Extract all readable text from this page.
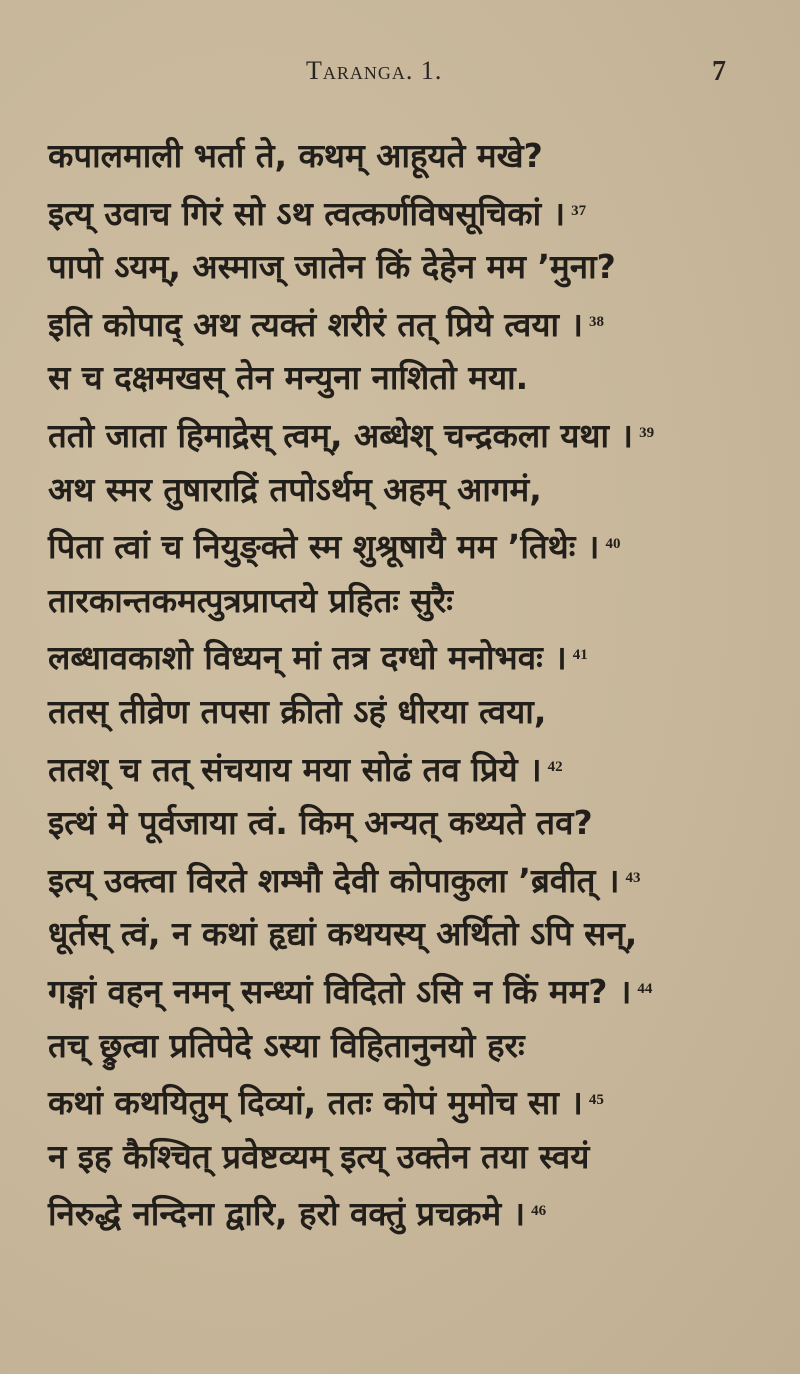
Taranga. 1.	7
कपालमाली भर्ता ते, कथम् आहूयते मखे?
इत्य् उवाच गिरं सो ऽथ त्वत्कर्णविषसूचिकां । $^{37}$
पापो ऽयम्, अस्माज् जातेन किं देहेन मम ’मुना?
इति कोपाद् अथ त्यक्तं शरीरं तत् प्रिये त्वया । $^{38}$
स च दक्षमखस् तेन मन्युना नाशितो मया.
ततो जाता हिमाद्रेस् त्वम्, अब्धेश् चन्द्रकला यथा । $^{39}$
अथ स्मर तुषाराद्रिं तपोऽर्थम् अहम् आगमं,
पिता त्वां च नियुङ्क्ते स्म शुश्रूषायै मम ’तिथेः । $^{40}$
तारकान्तकमत्पुत्रप्राप्तये प्रहितः सुरैः
लब्धावकाशो विध्यन् मां तत्र दग्धो मनोभवः । $^{41}$
ततस् तीव्रेण तपसा क्रीतो ऽहं धीरया त्वया,
ततश् च तत् संचयाय मया सोढं तव प्रिये । $^{42}$
इत्थं मे पूर्वजाया त्वं. किम् अन्यत् कथ्यते तव?
इत्य् उक्त्वा विरते शम्भौ देवी कोपाकुला ’ब्रवीत् । $^{43}$
धूर्तस् त्वं, न कथां हृद्यां कथयस्य् अर्थितो ऽपि सन्,
गङ्गां वहन् नमन् सन्ध्यां विदितो ऽसि न किं मम? । $^{44}$
तच् छ्रुत्वा प्रतिपेदे ऽस्या विहितानुनयो हरः
कथां कथयितुम् दिव्यां, ततः कोपं मुमोच सा । $^{45}$
न इह कैश्चित् प्रवेष्टव्यम् इत्य् उक्तेन तया स्वयं
निरुद्धे नन्दिना द्वारि, हरो वक्तुं प्रचक्रमे । $^{46}$
